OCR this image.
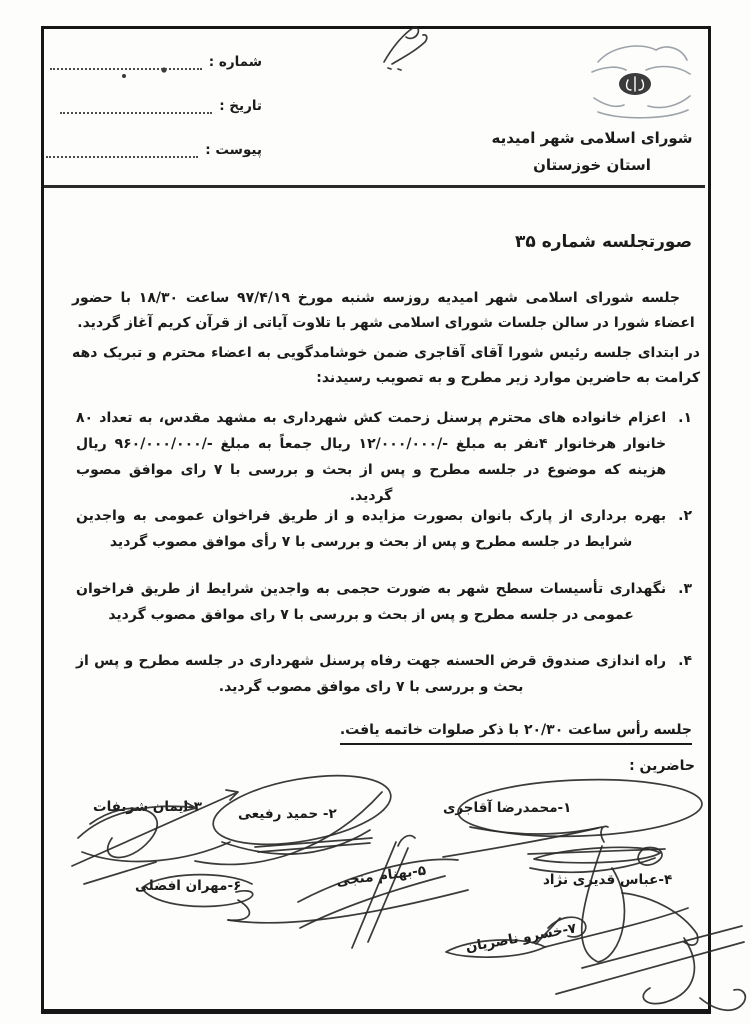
شماره :
تاریخ :
پیوست :
شورای اسلامی شهر امیدیه
استان خوزستان
صورتجلسه شماره ۳۵
جلسه شورای اسلامی شهر امیدیه روزسه شنبه مورخ ۹۷/۴/۱۹ ساعت ۱۸/۳۰ با حضور اعضاء شورا در سالن جلسات شورای اسلامی شهر با تلاوت آیاتی از قرآن کریم آغاز گردید.
در ابتدای جلسه رئیس شورا آقای آقاجری ضمن خوشامدگویی به اعضاء محترم و تبریک دهه کرامت به حاضرین موارد زیر مطرح و به تصویب رسیدند:
۱.
اعزام خانواده های محترم پرسنل زحمت کش شهرداری به مشهد مقدس، به تعداد ۸۰ خانوار هرخانوار ۴نفر به مبلغ -/۱۲/۰۰۰/۰۰۰ ریال جمعاً به مبلغ -/۹۶۰/۰۰۰/۰۰۰ ریال هزینه که موضوع در جلسه مطرح و پس از بحث و بررسی با ۷ رای موافق مصوب گردید.
۲.
بهره برداری از پارک بانوان بصورت مزایده و از طریق فراخوان عمومی به واجدین شرایط در جلسه مطرح و پس از بحث و بررسی با ۷ رأی موافق مصوب گردید
۳.
نگهداری تأسیسات سطح شهر به ضورت حجمی به واجدین شرایط از طریق فراخوان عمومی در جلسه مطرح و پس از بحث و بررسی با ۷ رای موافق مصوب گردید
۴.
راه اندازی صندوق قرض الحسنه جهت رفاه پرسنل شهرداری در جلسه مطرح و پس از بحث و بررسی با ۷ رای موافق مصوب گردید.
جلسه رأس ساعت ۲۰/۳۰ با ذکر صلوات خاتمه یافت.
حاضرین :
۱-محمدرضا آقاجری
۲- حمید رفیعی
۳-ایمان شریفات
۴-عباس قدیری نژاد
۵-بهنام منجی
۶-مهران افضلی
۷-خسرو ناصریان
